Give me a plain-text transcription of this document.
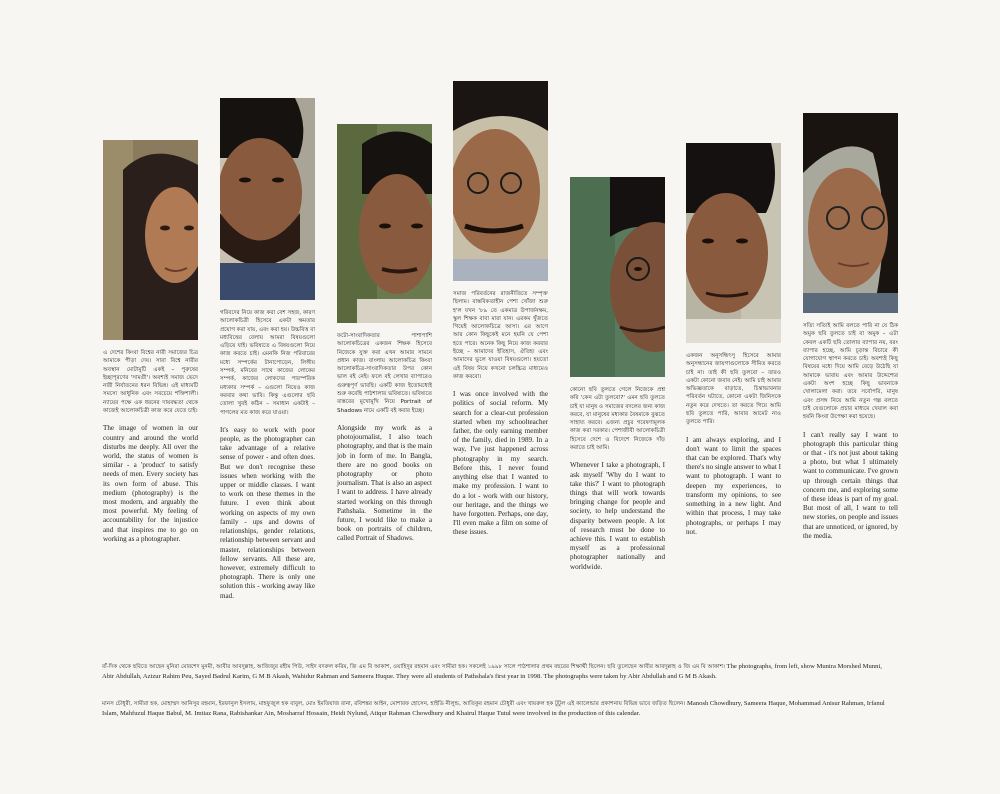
এ দেশের কিংবা বিশ্বের নারী সমাজের চিত্র আমাকে পীড়া দেয়। সারা বিশ্বে নারীর অবস্থান মোটামুটি একই – পুরুষের ইচ্ছাপূরণের 'সামগ্রী'। অবশ্যই সমাজ ভেদে নারী নির্যাতনের ধরন বিভিন্ন। এই মাধ্যমটি সমস্যে আধুনিক এবং সবচেয়ে শক্তিশালী। ন্যায়ের পক্ষে এক ধরনের দায়বদ্ধতা থেকে কাজেই আলোকচিত্রী কাজ করে যেতে চাই।
The image of women in our country and around the world disturbs me deeply. All over the world, the status of women is similar - a 'product' to satisfy needs of men. Every society has its own form of abuse. This medium (photography) is the most modern, and arguably the most powerful. My feeling of accountability for the injustice and that inspires me to go on working as a photographer.
গরিবদের নিয়ে কাজ করা বেশ সহজ, কারণ আলোকচিত্রী হিসেবে একটা ক্ষমতার প্রয়োগ করা যায়, এবং করা হয়। উচ্চবিত্ত বা মধ্যবিত্তের বেলায় আমরা বিষয়গুলো এড়িয়ে যাই। ভবিষ্যতে এ বিষয়গুলো নিয়ে কাজ করতে চাই। এমনকি নিজ পরিবারের মধ্যে সম্পর্কের টানাপোড়েন, লিঙ্গীয় সম্পর্ক, মনিবের সাথে কাজের লোকের সম্পর্ক, কাজের লোকদের পারস্পরিক মধ্যকার সম্পর্ক – এগুলো নিয়েও কাজ করবার কথা ভাবি। কিন্তু এগুলোর ছবি তোলা খুবই কঠিন – সমাধান একটাই – পাগলের মত কাজ করে যাওয়া।
It's easy to work with poor people, as the photographer can take advantage of a relative sense of power - and often does. But we don't recognise these issues when working with the upper or middle classes. I want to work on these themes in the future. I even think about working on aspects of my own family - ups and downs of relationships, gender relations, relationship between servant and master, relationships between fellow servants. All these are, however, extremely difficult to photograph. There is only one solution this - working away like mad.
ফটো-সাংবাদিকতার পাশাপাশি আলোকচিত্রের একজন শিক্ষক হিসেবে নিজেকে যুক্ত করা এখন আমার সামনে প্রধান কাজ। বাংলায় আলোকচিত্র কিংবা আলোকচিত্র-সাংবাদিকতার উপর কোন ভাল বই নেই। ফলে বই লেখার ব্যাপারেও গুরুত্বপূর্ণ ভাবছি। একটি কাজ ইতোমধ্যেই শুরু করেছি পাঠশালার ভবিষ্যতে। ভবিষ্যতে বাস্তবের মুখোমুখি নিয়ে Portrait of Shadows নামে একটি বই করার ইচ্ছে।
Alongside my work as a photojournalist, I also teach photography, and that is the main job in form of me. In Bangla, there are no good books on photography or photo journalism. That is also an aspect I want to address. I have already started working on this through Pathshala. Sometime in the future, I would like to make a book on portraits of children, called Portrait of Shadows.
সমাজ পরিবর্তনের রাজনীতিতে সম্পৃক্ত ছিলাম। বাস্তবিকতাহীন পেশা খোঁজা শুরু হ'ল যখন '৮৯ তে একমাত্র উপার্জনক্ষম, স্কুল শিক্ষক বাবা মারা যান। এরকম খুঁজতে গিয়েই আলোকচিত্রে আসা। এর আগে আর কোন কিছুকেই মনে হয়নি যে পেশা হতে পারে। অনেক কিছু নিয়ে কাজ করবার ইচ্ছে – আমাদের ইতিহাস, ঐতিহ্য এবং আমাদের ভুলে যাওয়া বিষয়গুলো। হয়তো এই বিষয় নিয়ে কখনো চলচ্চিত্র মাধ্যমেও কাজ করবো।
I was once involved with the politics of social reform. My search for a clear-cut profession started when my schoolteacher father, the only earning member of the family, died in 1989. In a way, I've just happened across photography in my search. Before this, I never found anything else that I wanted to make my profession. I want to do a lot - work with our history, our heritage, and the things we have forgotten. Perhaps, one day, I'll even make a film on some of these issues.
কোনো ছবি তুলতে গেলে নিজেকে প্রশ্ন করি 'কেন এটা তুলবো?' এমন ছবি তুলতে চাই যা মানুষ ও সমাজের বদলের জন্য কাজ করবে, যা মানুষের মধ্যকার বৈষম্যকে বুঝতে সাহায্য করবে। এজন্য প্রচুর গবেষণামূলক কাজ করা দরকার। পেশাজীবী আলোকচিত্রী হিসেবে দেশে ও বিদেশে নিজেকে দাঁড় করাতে চাই আমি।
Whenever I take a photograph, I ask myself 'Why do I want to take this?' I want to photograph things that will work towards bringing change for people and society, to help understand the disparity between people. A lot of research must be done to achieve this. I want to establish myself as a professional photographer nationally and worldwide.
একজন অনুসন্ধিৎসু হিসেবে আমার অনুসন্ধানের জায়গাগুলোকে সীমিত করতে চাই না। তাই কী ছবি তুলবো – তারও একটা কোনো জবাব নেই। আমি চাই আমার অভিজ্ঞতাকে বাড়াতে, চিন্তাভাবনার পরিবর্তন ঘটাতে, কোনো একটা জিনিসকে নতুন করে দেখতে। তা করতে গিয়ে আমি ছবি তুলতে পারি, আবার আমেট নাও তুলতে পারি।
I am always exploring, and I don't want to limit the spaces that can be explored. That's why there's no single answer to what I want to photograph. I want to deepen my experiences, to transform my opinions, to see something in a new light. And within that process, I may take photographs, or perhaps I may not.
সত্যি সত্যিই আমি বলতে পারি না যে ঠিক অমুক ছবি তুলতে চাই বা অমুক – এটা কেবল একটি ছবি তোলার ব্যাপার নয়, বরং ব্যাপার হচ্ছে, আমি চূড়ান্ত বিচারে কী যোগাযোগ স্থাপন করতে চাই। অবশ্যই কিছু বিষয়ের মধ্যে দিয়ে আমি বেড়ে উঠেছি যা আমাকে ভাবায় এবং আমার উদ্দেশ্যের একটা অংশ হচ্ছে কিছু ভাবনাকে খোলামেলা করা। তবে সর্বোপরি, মানুষ এবং প্রসঙ্গ নিয়ে আমি নতুন গল্প বলতে চাই যেগুলোকে প্রচার মাধ্যমে খেয়াল করা হয়নি কিংবা উপেক্ষা করা হয়েছে।
I can't really say I want to photograph this particular thing or that - it's not just about taking a photo, but what I ultimately want to communicate. I've grown up through certain things that concern me, and exploring some of these ideas is part of my goal. But most of all, I want to tell new stories, on people and issues that are unnoticed, or ignored, by the media.
বাঁ-দিক থেকে ছবিতে আছেন মুনিরা মোরশেদ মুনমী, আবীর আবদুল্লাহ, আজিজুর রহীম পিউ, সাইদ বদরুল করিম, জি এম বি আকাশ, ওয়াহিদুর রহমান এবং সামীরা হক। সকলেই ১৯৯৮ সালে পাঠশালার প্রথম বছরের শিক্ষার্থী ছিলেন। ছবি তুলেছেন আবীর আবদুল্লাহ ও জি এম বি আকাশ। The photographs, from left, show Munira Morshed Munni, Abir Abdullah, Azizur Rahim Peu, Sayed Badrul Karim, G M B Akash, Wahidur Rahman and Sameera Huque. They were all students of Pathshala's first year in 1998. The photographs were taken by Abir Abdullah and G M B Akash.
মানস চৌধুরী, সামীরা হক, মোহাম্মদ আনিসুর রহমান, ইরফানুল ইসলাম, মাহফুজুল হক বাবুল, মোঃ ইমতিয়াজ রানা, রবিশঙ্কর আইন, মোশারফ হোসেন, হাইডি নীলুন্ড, আতিকুর রহমান চৌধুরী এবং খায়রুল হক টুটুল এই ক্যালেন্ডার প্রকাশনায় বিভিন্ন ভাবে জড়িত ছিলেন। Manosh Chowdhury, Sameera Haque, Mohammad Anisur Rahman, Irfanul Islam, Mahfuzul Haque Babul, M. Imtiaz Rana, Rabishankar Ain, Mosharraf Hossain, Heidi Nylund, Atiqur Rahman Chowdhury and Khairul Haque Tutul were involved in the production of this calendar.
